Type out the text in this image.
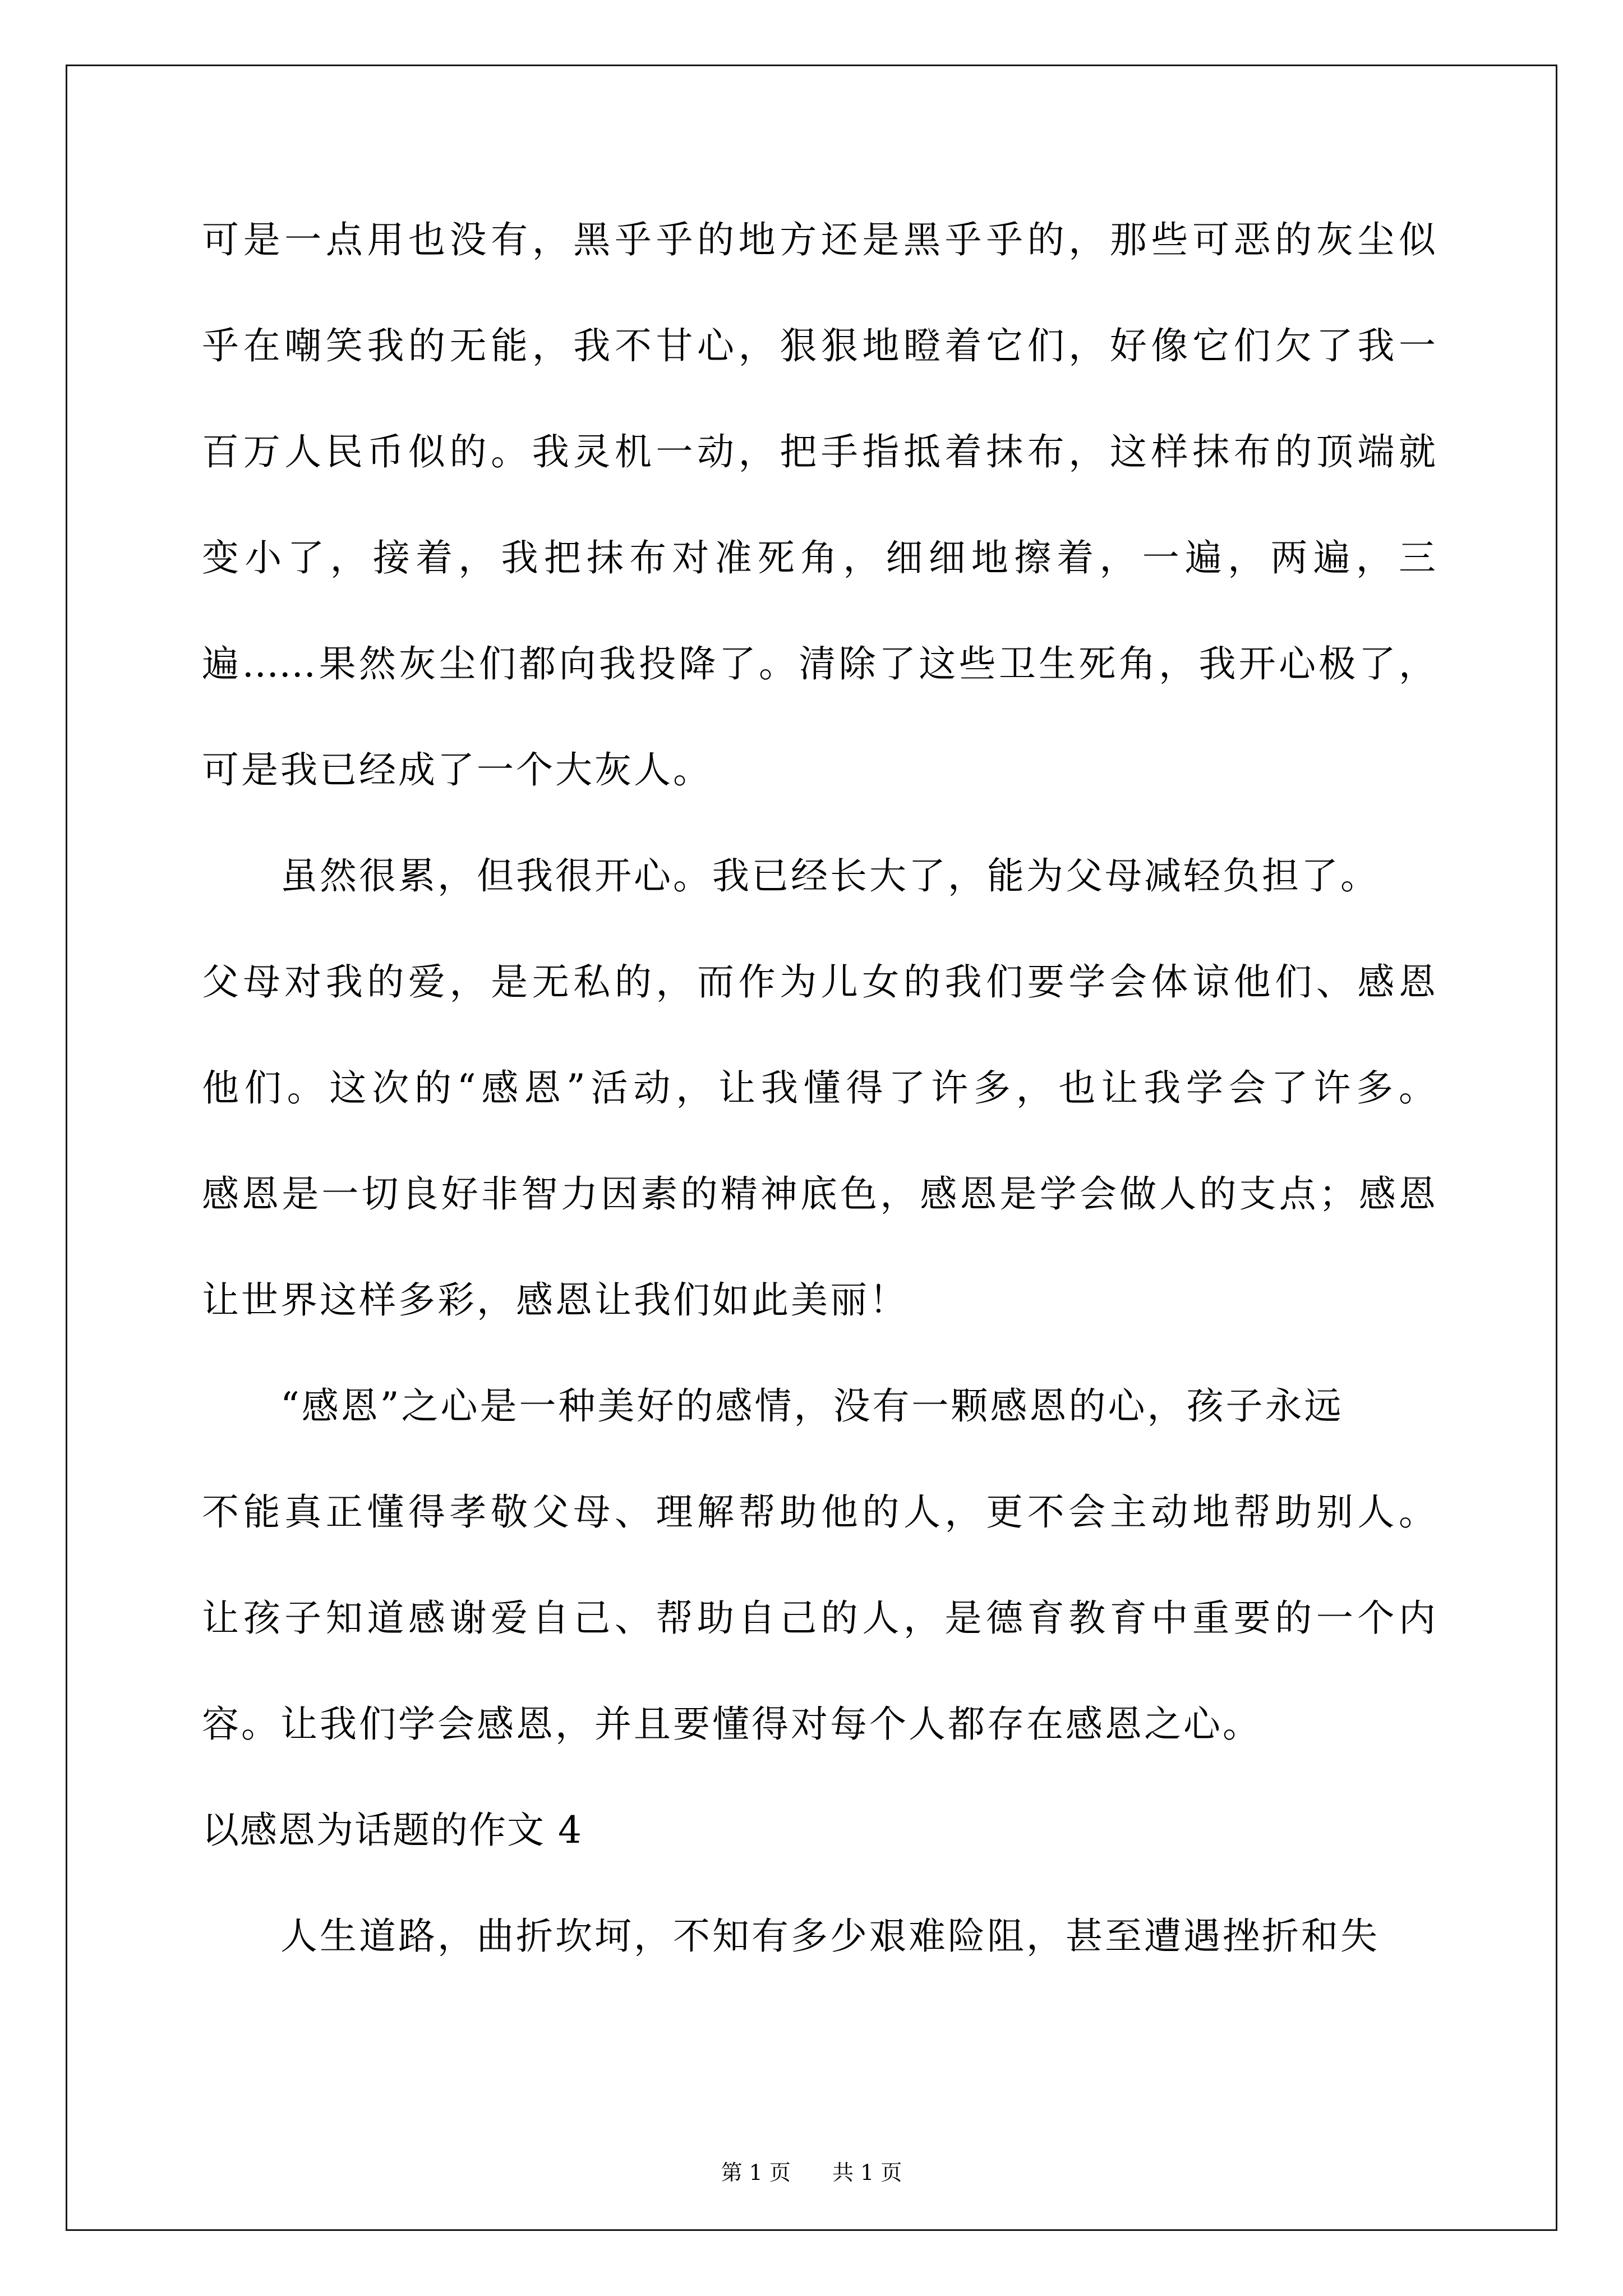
可是一点用也没有，黑乎乎的地方还是黑乎乎的，那些可恶的灰尘似
乎在嘲笑我的无能，我不甘心，狠狠地瞪着它们，好像它们欠了我一
百万人民币似的。我灵机一动，把手指抵着抹布，这样抹布的顶端就
变小了，接着，我把抹布对准死角，细细地擦着，一遍，两遍，三
遍……果然灰尘们都向我投降了。清除了这些卫生死角，我开心极了，
可是我已经成了一个大灰人。
虽然很累，但我很开心。我已经长大了，能为父母减轻负担了。
父母对我的爱，是无私的，而作为儿女的我们要学会体谅他们、感恩
他们。这次的“感恩”活动，让我懂得了许多，也让我学会了许多。
感恩是一切良好非智力因素的精神底色，感恩是学会做人的支点；感恩
让世界这样多彩，感恩让我们如此美丽！
“感恩”之心是一种美好的感情，没有一颗感恩的心，孩子永远
不能真正懂得孝敬父母、理解帮助他的人，更不会主动地帮助别人。
让孩子知道感谢爱自己、帮助自己的人，是德育教育中重要的一个内
容。让我们学会感恩，并且要懂得对每个人都存在感恩之心。
以感恩为话题的作文 4
人生道路，曲折坎坷，不知有多少艰难险阻，甚至遭遇挫折和失
第 1 页 共 1 页
